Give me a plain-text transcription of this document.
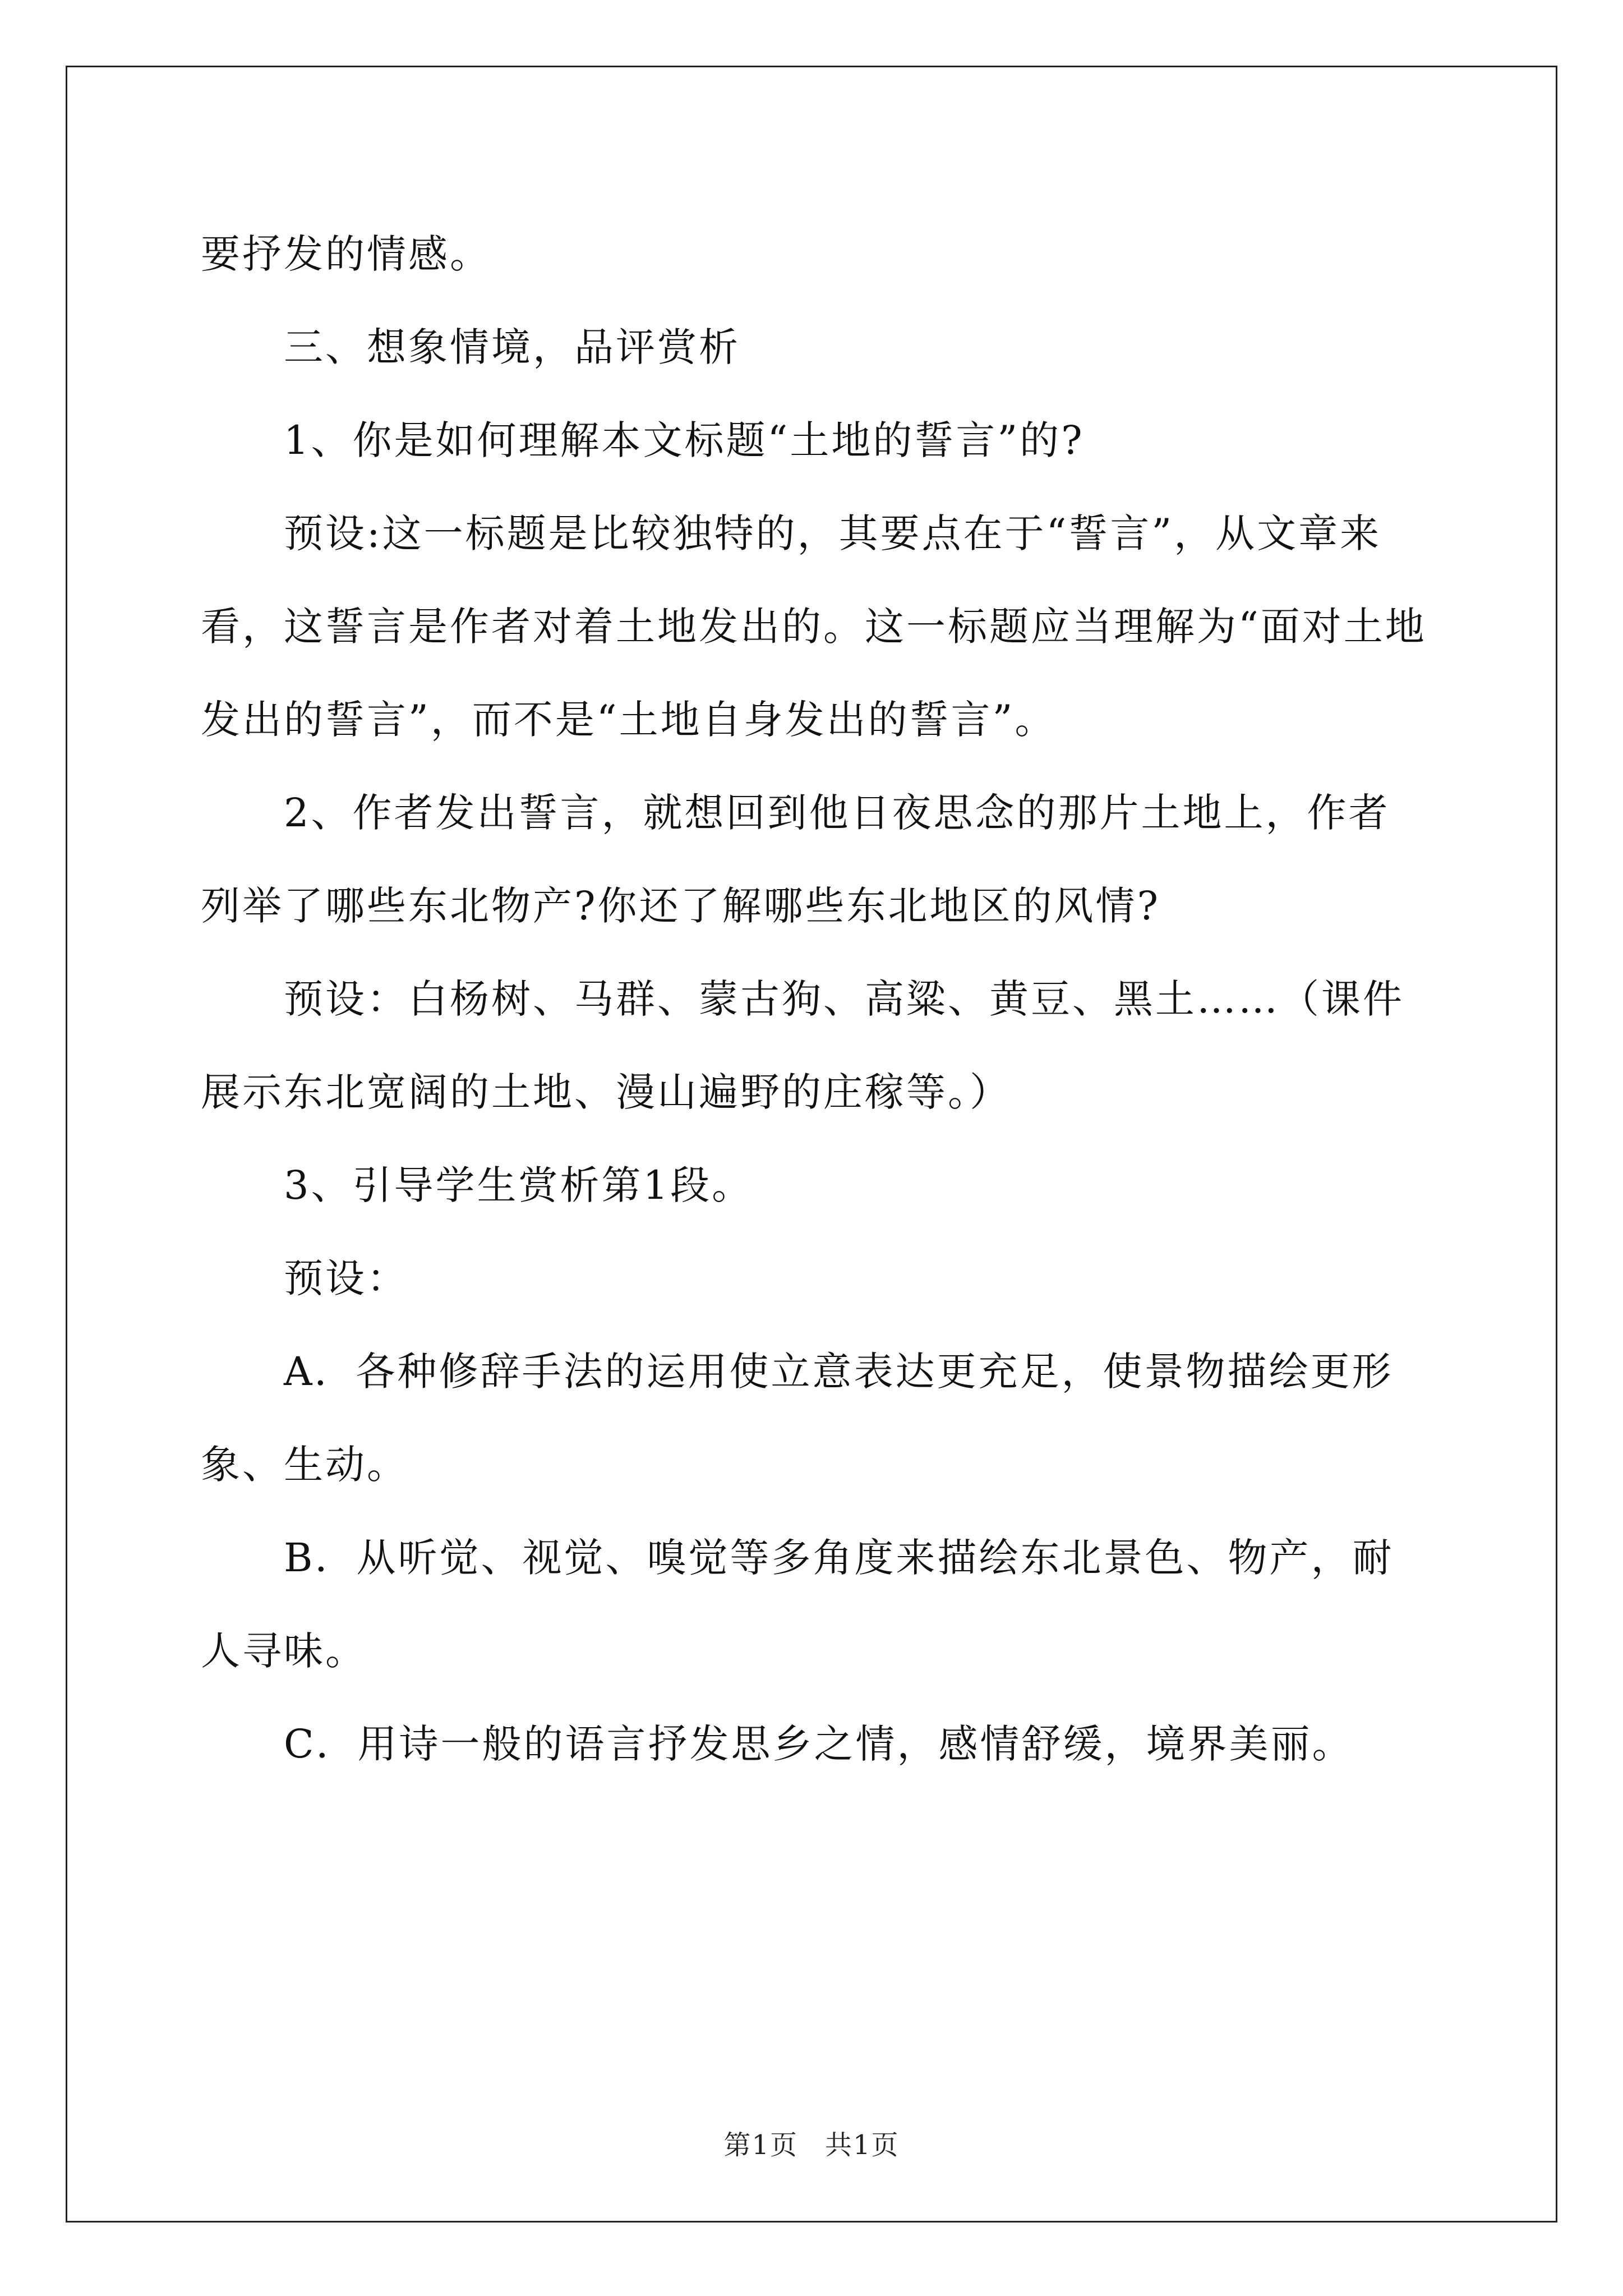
要抒发的情感。

三、想象情境，品评赏析

1、你是如何理解本文标题“土地的誓言”的?

预设:这一标题是比较独特的，其要点在于“誓言”，从文章来看，这誓言是作者对着土地发出的。这一标题应当理解为“面对土地发出的誓言”，而不是“土地自身发出的誓言”。

2、作者发出誓言，就想回到他日夜思念的那片土地上，作者列举了哪些东北物产?你还了解哪些东北地区的风情?

预设：白杨树、马群、蒙古狗、高粱、黄豆、黑土……（课件展示东北宽阔的土地、漫山遍野的庄稼等。）

3、引导学生赏析第1段。

预设：

A．各种修辞手法的运用使立意表达更充足，使景物描绘更形象、生动。

B．从听觉、视觉、嗅觉等多角度来描绘东北景色、物产，耐人寻味。

C．用诗一般的语言抒发思乡之情，感情舒缓，境界美丽。

第1页 共1页
